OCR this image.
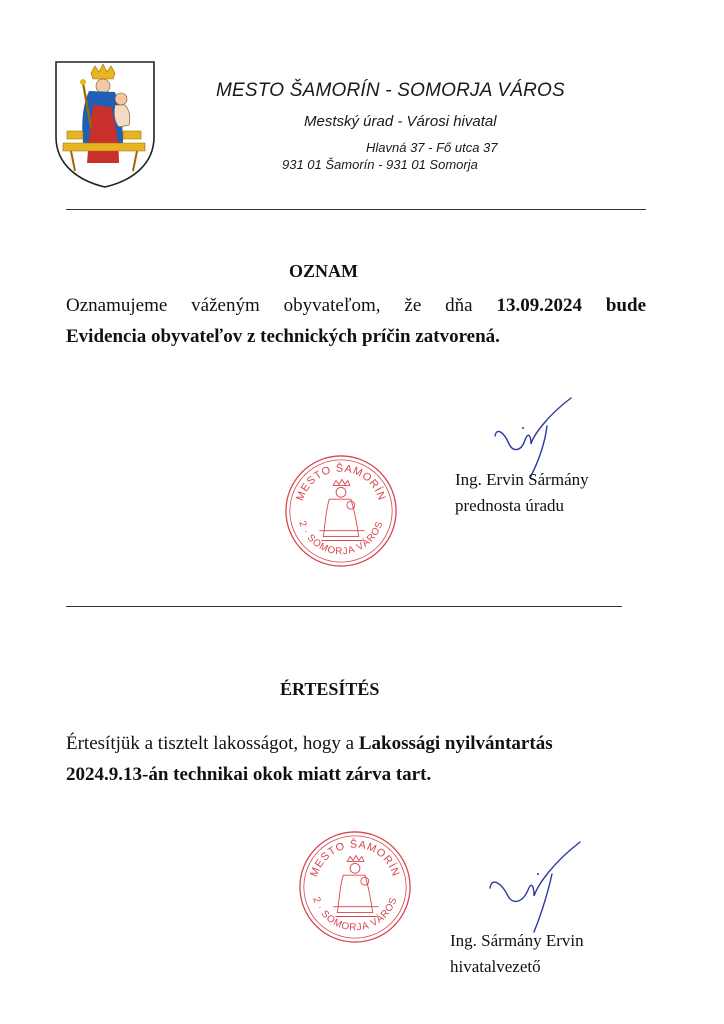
MESTO ŠAMORÍN - SOMORJA VÁROS
Mestský úrad - Városi hivatal
Hlavná 37 - Fő utca 37
931 01 Šamorín - 931 01 Somorja
OZNAM
Oznamujeme váženým obyvateľom, že dňa 13.09.2024 bude
Evidencia obyvateľov z technických príčin zatvorená.
MESTO ŠAMORÍN
2 · SOMORJA VÁROS
Ing. Ervin Sármány
prednosta úradu
ÉRTESÍTÉS
Értesítjük a tisztelt lakosságot, hogy a Lakossági nyilvántartás
2024.9.13-án technikai okok miatt zárva tart.
MESTO ŠAMORÍN
2 · SOMORJA VÁROS
Ing. Sármány Ervin
hivatalvezető
